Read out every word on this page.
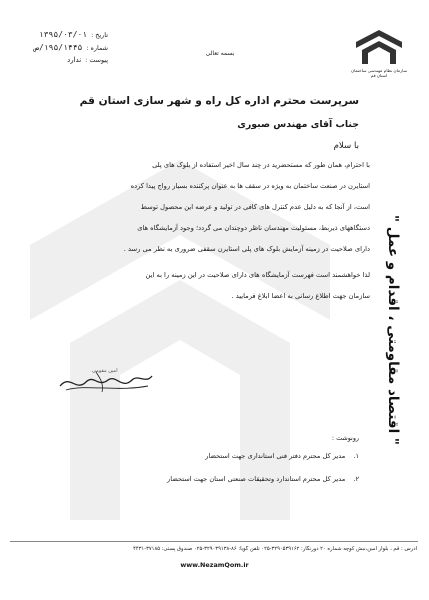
سازمان نظام مهندسی ساختمان استان قم
بسمه تعالی
تاریخ :
۱۳۹۵/۰۳/۰۱
شماره :
۱۹۵/۱۴۴۵/ص
پیوست :
ندارد
سرپرست محترم اداره کل راه و شهر سازی استان قم
جناب آقای مهندس صبوری
با سلام
با احترام، همان طور که مستحضرید در چند سال اخیر استفاده از بلوک های پلی
استایرن در صنعت ساختمان به ویژه در سقف ها به عنوان پرکننده بسیار رواج پیدا کرده
است، از آنجا که به دلیل عدم کنترل های کافی در تولید و عرضه این محصول توسط
دستگاههای ذیربط، مسئولیت مهندسان ناظر دوچندان می گردد؛ وجود آزمایشگاه های
دارای صلاحیت در زمینه آزمایش بلوک های پلی استایرن سقفی ضروری به نظر می رسد .
لذا خواهشمند است فهرست آزمایشگاه های دارای صلاحیت در این زمینه را به این
سازمان جهت اطلاع رسانی به اعضا ابلاغ فرمایید .
امین مقومی
رونوشت :
۱. مدیر کل محترم دفتر فنی استانداری جهت استحضار
۲. مدیر کل محترم استاندارد وتحقیقات صنعتی استان جهت استحضار
" اقتصاد مقاومتی ، اقدام و عمل "
آدرس : قم ، بلوار امین،نبش کوچه شماره ۲۰ دورنگار: ۳۲۹۰۵۳۹۱۶۲-۰۲۵ تلفن گویا: ۸۶-۳۲۹۰۳۹۱۳۸-۰۲۵ صندوق پستی: ۳۷۱۸۵-۴۴۳۱
www.NezamQom.ir
